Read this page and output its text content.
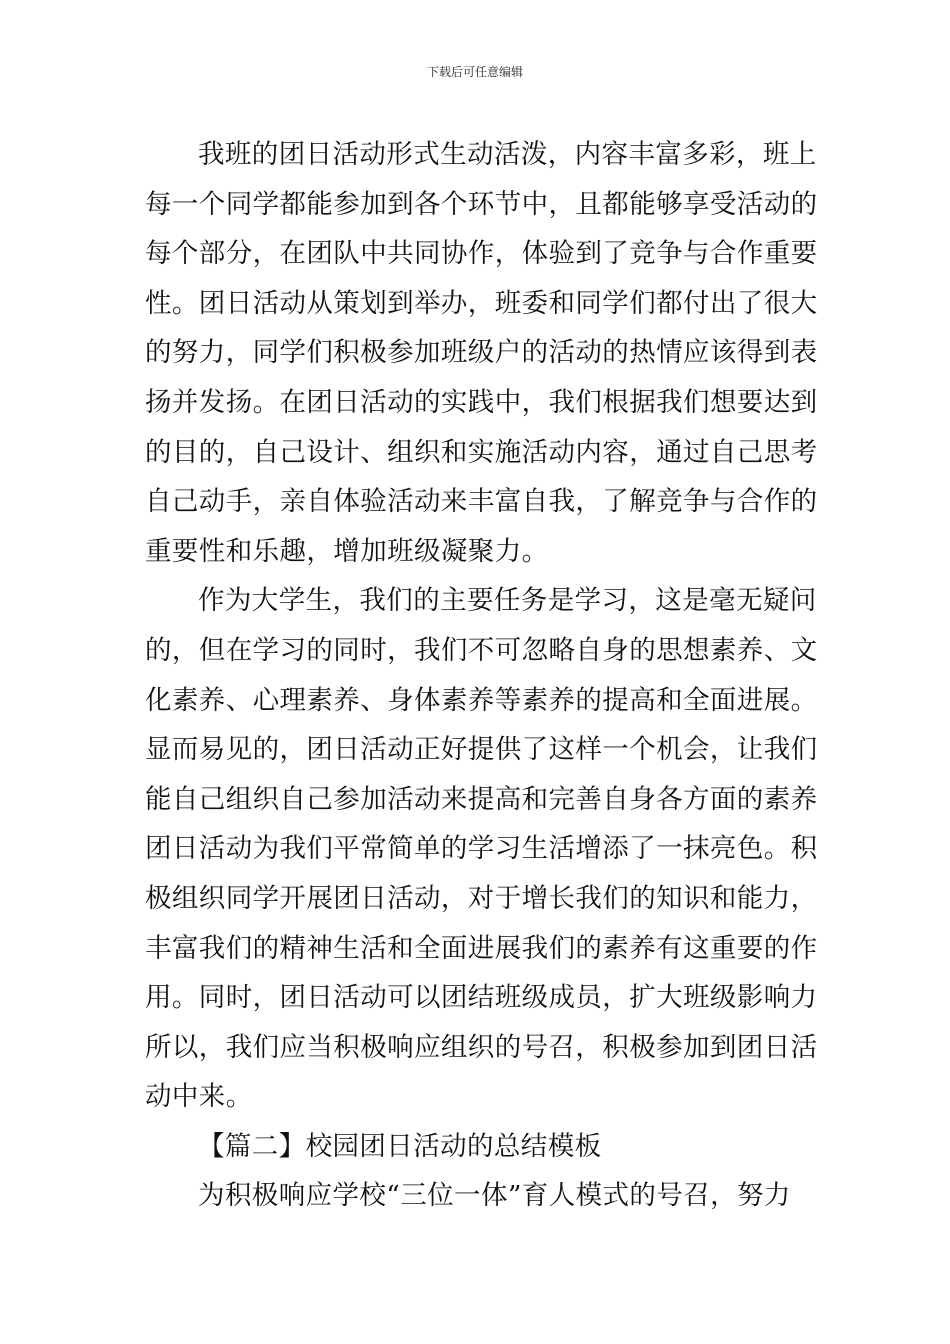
下载后可任意编辑

我班的团日活动形式生动活泼，内容丰富多彩，班上
每一个同学都能参加到各个环节中，且都能够享受活动的
每个部分，在团队中共同协作，体验到了竞争与合作重要
性。团日活动从策划到举办，班委和同学们都付出了很大
的努力，同学们积极参加班级户的活动的热情应该得到表
扬并发扬。在团日活动的实践中，我们根据我们想要达到
的目的，自己设计、组织和实施活动内容，通过自己思考
自己动手，亲自体验活动来丰富自我，了解竞争与合作的
重要性和乐趣，增加班级凝聚力。

作为大学生，我们的主要任务是学习，这是毫无疑问
的，但在学习的同时，我们不可忽略自身的思想素养、文
化素养、心理素养、身体素养等素养的提高和全面进展。
显而易见的，团日活动正好提供了这样一个机会，让我们
能自己组织自己参加活动来提高和完善自身各方面的素养
团日活动为我们平常简单的学习生活增添了一抹亮色。积
极组织同学开展团日活动，对于增长我们的知识和能力，
丰富我们的精神生活和全面进展我们的素养有这重要的作
用。同时，团日活动可以团结班级成员，扩大班级影响力
所以，我们应当积极响应组织的号召，积极参加到团日活
动中来。

【篇二】校园团日活动的总结模板

为积极响应学校“三位一体”育人模式的号召，努力
